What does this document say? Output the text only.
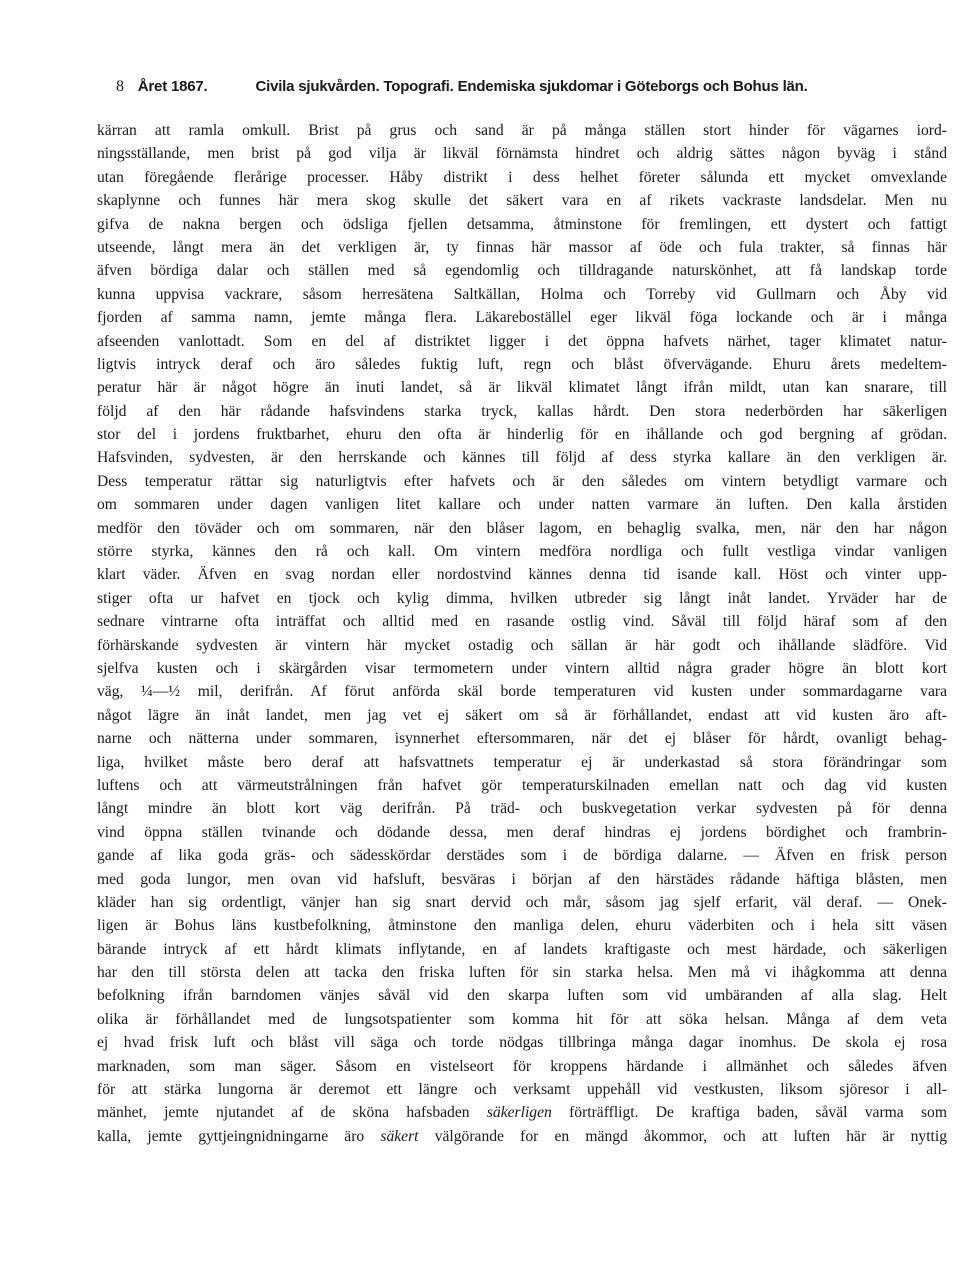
8 Året 1867.	Civila sjukvården. Topografi. Endemiska sjukdomar i Göteborgs och Bohus län.
kärran att ramla omkull. Brist på grus och sand är på många ställen stort hinder för vägarnes iord-
ningsställande, men brist på god vilja är likväl förnämsta hindret och aldrig sättes någon byväg i stånd
utan föregående flerårige processer. Håby distrikt i dess helhet företer sålunda ett mycket omvexlande
skaplynne och funnes här mera skog skulle det säkert vara en af rikets vackraste landsdelar. Men nu
gifva de nakna bergen och ödsliga fjellen detsamma, åtminstone för fremlingen, ett dystert och fattigt
utseende, långt mera än det verkligen är, ty finnas här massor af öde och fula trakter, så finnas här
äfven bördiga dalar och ställen med så egendomlig och tilldragande naturskönhet, att få landskap torde
kunna uppvisa vackrare, såsom herresätena Saltkällan, Holma och Torreby vid Gullmarn och Åby vid
fjorden af samma namn, jemte många flera. Läkareboställel eger likväl föga lockande och är i många
afseenden vanlottadt. Som en del af distriktet ligger i det öppna hafvets närhet, tager klimatet natur-
ligtvis intryck deraf och äro således fuktig luft, regn och blåst öfvervägande. Ehuru årets medeltem-
peratur här är något högre än inuti landet, så är likväl klimatet långt ifrån mildt, utan kan snarare, till
följd af den här rådande hafsvindens starka tryck, kallas hårdt. Den stora nederbörden har säkerligen
stor del i jordens fruktbarhet, ehuru den ofta är hinderlig för en ihållande och god bergning af grödan.
Hafsvinden, sydvesten, är den herrskande och kännes till följd af dess styrka kallare än den verkligen är.
Dess temperatur rättar sig naturligtvis efter hafvets och är den således om vintern betydligt varmare och
om sommaren under dagen vanligen litet kallare och under natten varmare än luften. Den kalla årstiden
medför den töväder och om sommaren, när den blåser lagom, en behaglig svalka, men, när den har någon
större styrka, kännes den rå och kall. Om vintern medföra nordliga och fullt vestliga vindar vanligen
klart väder. Äfven en svag nordan eller nordostvind kännes denna tid isande kall. Höst och vinter upp-
stiger ofta ur hafvet en tjock och kylig dimma, hvilken utbreder sig långt inåt landet. Yrväder har de
sednare vintrarne ofta inträffat och alltid med en rasande ostlig vind. Såväl till följd häraf som af den
förhärskande sydvesten är vintern här mycket ostadig och sällan är här godt och ihållande slädföre. Vid
sjelfva kusten och i skärgården visar termometern under vintern alltid några grader högre än blott kort
väg, ¼—½ mil, derifrån. Af förut anförda skäl borde temperaturen vid kusten under sommardagarne vara
något lägre än inåt landet, men jag vet ej säkert om så är förhållandet, endast att vid kusten äro aft-
narne och nätterna under sommaren, isynnerhet eftersommaren, när det ej blåser för hårdt, ovanligt behag-
liga, hvilket måste bero deraf att hafsvattnets temperatur ej är underkastad så stora förändringar som
luftens och att värmeutstrålningen från hafvet gör temperaturskilnaden emellan natt och dag vid kusten
långt mindre än blott kort väg derifrån. På träd- och buskvegetation verkar sydvesten på för denna
vind öppna ställen tvinande och dödande dessa, men deraf hindras ej jordens bördighet och frambrin-
gande af lika goda gräs- och sädesskördar derstädes som i de bördiga dalarne. — Äfven en frisk person
med goda lungor, men ovan vid hafsluft, besväras i början af den härstädes rådande häftiga blåsten, men
kläder han sig ordentligt, vänjer han sig snart dervid och mår, såsom jag sjelf erfarit, väl deraf. — Onek-
ligen är Bohus läns kustbefolkning, åtminstone den manliga delen, ehuru väderbiten och i hela sitt väsen
bärande intryck af ett hårdt klimats inflytande, en af landets kraftigaste och mest härdade, och säkerligen
har den till största delen att tacka den friska luften för sin starka helsa. Men må vi ihågkomma att denna
befolkning ifrån barndomen vänjes såväl vid den skarpa luften som vid umbäranden af alla slag. Helt
olika är förhållandet med de lungsotspatienter som komma hit för att söka helsan. Många af dem veta
ej hvad frisk luft och blåst vill säga och torde nödgas tillbringa många dagar inomhus. De skola ej rosa
marknaden, som man säger. Såsom en vistelseort för kroppens härdande i allmänhet och således äfven
för att stärka lungorna är deremot ett längre och verksamt uppehåll vid vestkusten, liksom sjöresor i all-
mänhet, jemte njutandet af de sköna hafsbaden säkerligen förträffligt. De kraftiga baden, såväl varma som
kalla, jemte gyttjeingnidningarne äro säkert välgörande for en mängd åkommor, och att luften här är nyttig
